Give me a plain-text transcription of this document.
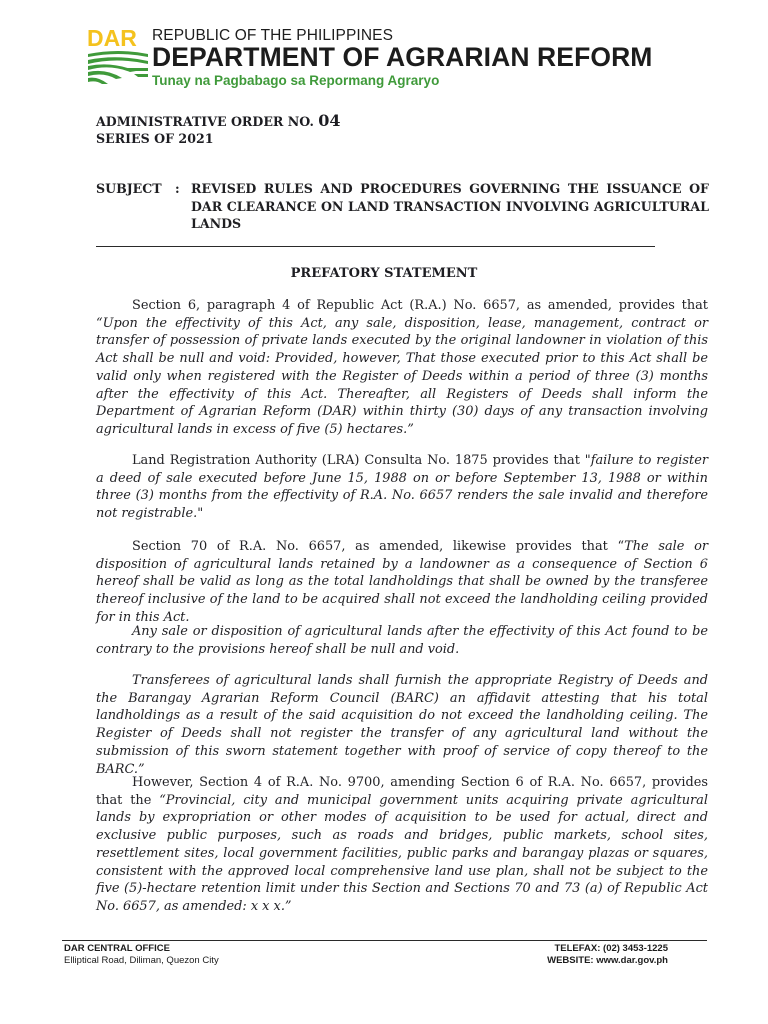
DAR REPUBLIC OF THE PHILIPPINES
DEPARTMENT OF AGRARIAN REFORM
Tunay na Pagbabago sa Repormang Agraryo
ADMINISTRATIVE ORDER NO. 04
SERIES OF 2021
SUBJECT : REVISED RULES AND PROCEDURES GOVERNING THE ISSUANCE OF DAR CLEARANCE ON LAND TRANSACTION INVOLVING AGRICULTURAL LANDS
PREFATORY STATEMENT
Section 6, paragraph 4 of Republic Act (R.A.) No. 6657, as amended, provides that “Upon the effectivity of this Act, any sale, disposition, lease, management, contract or transfer of possession of private lands executed by the original landowner in violation of this Act shall be null and void: Provided, however, That those executed prior to this Act shall be valid only when registered with the Register of Deeds within a period of three (3) months after the effectivity of this Act. Thereafter, all Registers of Deeds shall inform the Department of Agrarian Reform (DAR) within thirty (30) days of any transaction involving agricultural lands in excess of five (5) hectares.”
Land Registration Authority (LRA) Consulta No. 1875 provides that "failure to register a deed of sale executed before June 15, 1988 on or before September 13, 1988 or within three (3) months from the effectivity of R.A. No. 6657 renders the sale invalid and therefore not registrable."
Section 70 of R.A. No. 6657, as amended, likewise provides that “The sale or disposition of agricultural lands retained by a landowner as a consequence of Section 6 hereof shall be valid as long as the total landholdings that shall be owned by the transferee thereof inclusive of the land to be acquired shall not exceed the landholding ceiling provided for in this Act.
Any sale or disposition of agricultural lands after the effectivity of this Act found to be contrary to the provisions hereof shall be null and void.
Transferees of agricultural lands shall furnish the appropriate Registry of Deeds and the Barangay Agrarian Reform Council (BARC) an affidavit attesting that his total landholdings as a result of the said acquisition do not exceed the landholding ceiling. The Register of Deeds shall not register the transfer of any agricultural land without the submission of this sworn statement together with proof of service of copy thereof to the BARC.”
However, Section 4 of R.A. No. 9700, amending Section 6 of R.A. No. 6657, provides that the “Provincial, city and municipal government units acquiring private agricultural lands by expropriation or other modes of acquisition to be used for actual, direct and exclusive public purposes, such as roads and bridges, public markets, school sites, resettlement sites, local government facilities, public parks and barangay plazas or squares, consistent with the approved local comprehensive land use plan, shall not be subject to the five (5)-hectare retention limit under this Section and Sections 70 and 73 (a) of Republic Act No. 6657, as amended: x x x.”
DAR CENTRAL OFFICE
Elliptical Road, Diliman, Quezon City
TELEFAX: (02) 3453-1225
WEBSITE: www.dar.gov.ph
